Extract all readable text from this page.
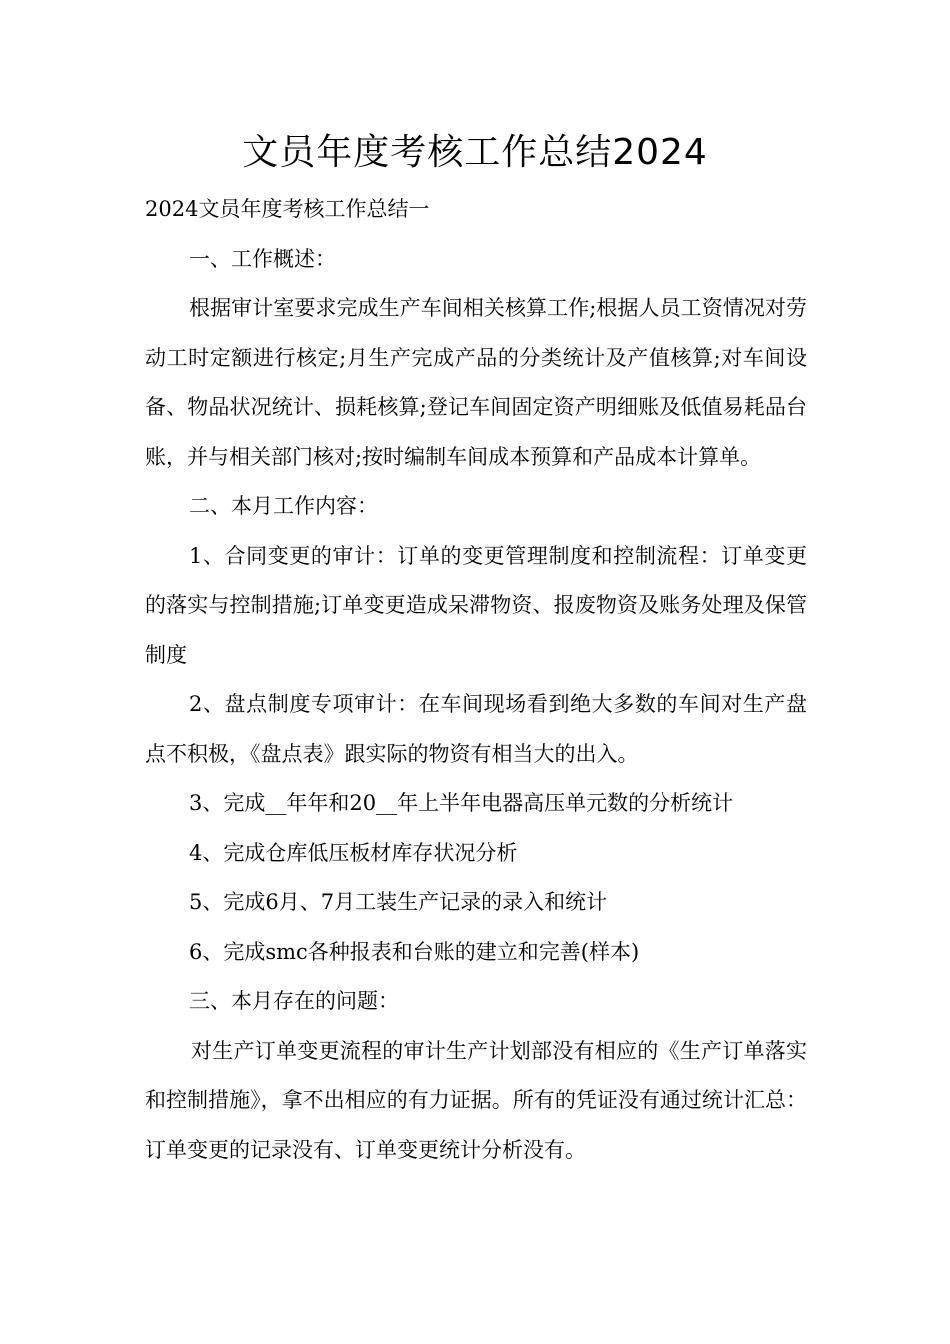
文员年度考核工作总结2024

2024文员年度考核工作总结一

一、工作概述：

根据审计室要求完成生产车间相关核算工作;根据人员工资情况对劳动工时定额进行核定;月生产完成产品的分类统计及产值核算;对车间设备、物品状况统计、损耗核算;登记车间固定资产明细账及低值易耗品台账，并与相关部门核对;按时编制车间成本预算和产品成本计算单。

二、本月工作内容：

1、合同变更的审计：订单的变更管理制度和控制流程：订单变更的落实与控制措施;订单变更造成呆滞物资、报废物资及账务处理及保管制度

2、盘点制度专项审计：在车间现场看到绝大多数的车间对生产盘点不积极，《盘点表》跟实际的物资有相当大的出入。

3、完成__年年和20__年上半年电器高压单元数的分析统计

4、完成仓库低压板材库存状况分析

5、完成6月、7月工装生产记录的录入和统计

6、完成smc各种报表和台账的建立和完善(样本)

三、本月存在的问题：

对生产订单变更流程的审计生产计划部没有相应的《生产订单落实和控制措施》，拿不出相应的有力证据。所有的凭证没有通过统计汇总：订单变更的记录没有、订单变更统计分析没有。
